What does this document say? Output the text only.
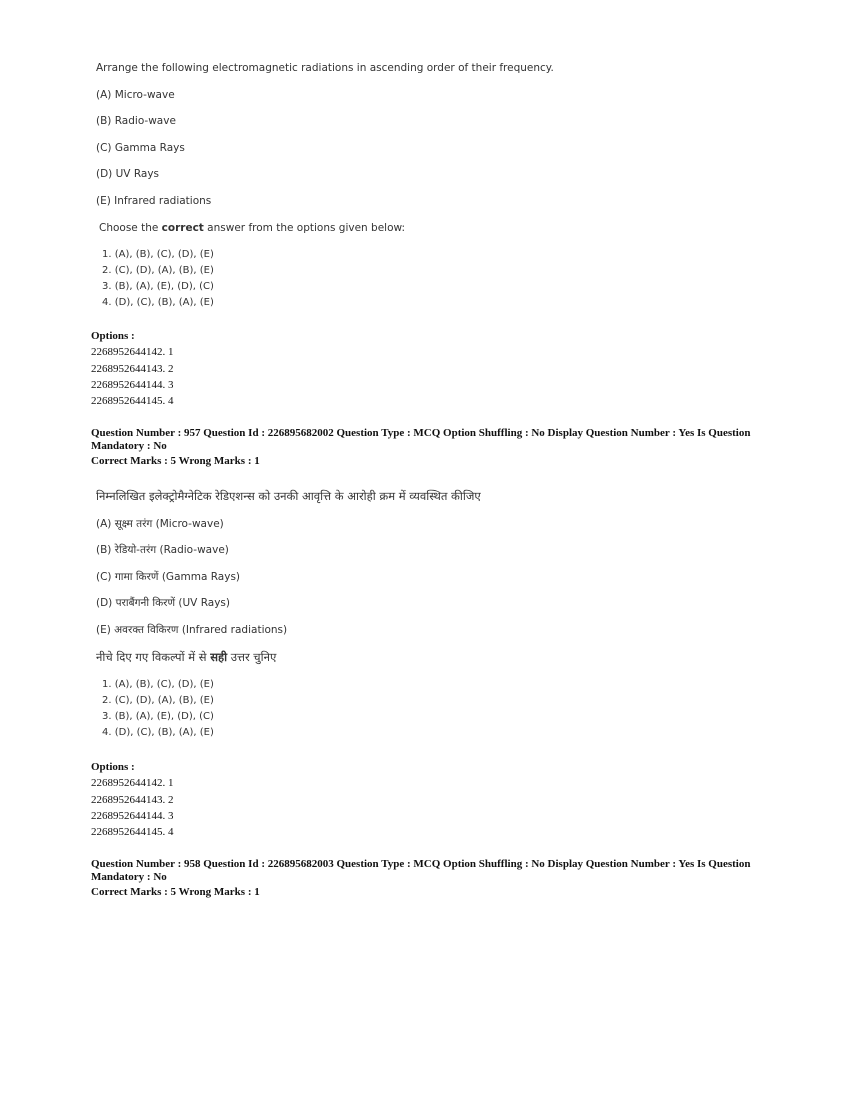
Arrange the following electromagnetic radiations in ascending order of their frequency.
(A) Micro-wave
(B) Radio-wave
(C) Gamma Rays
(D) UV Rays
(E) Infrared radiations
Choose the correct answer from the options given below:
1. (A), (B), (C), (D), (E)
2. (C), (D), (A), (B), (E)
3. (B), (A), (E), (D), (C)
4. (D), (C), (B), (A), (E)
Options :
2268952644142. 1
2268952644143. 2
2268952644144. 3
2268952644145. 4
Question Number : 957 Question Id : 226895682002 Question Type : MCQ Option Shuffling : No Display Question Number : Yes Is Question
Mandatory : No
Correct Marks : 5 Wrong Marks : 1
निम्नलिखित इलेक्ट्रोमैग्नेटिक रेडिएशन्स को उनकी आवृत्ति के आरोही क्रम में व्यवस्थित कीजिए
(A) सूक्ष्म तरंग (Micro-wave)
(B) रेडियो-तरंग (Radio-wave)
(C) गामा किरणें (Gamma Rays)
(D) पराबैंगनी किरणें (UV Rays)
(E) अवरक्त विकिरण (Infrared radiations)
नीचे दिए गए विकल्पों में से सही उत्तर चुनिए
1. (A), (B), (C), (D), (E)
2. (C), (D), (A), (B), (E)
3. (B), (A), (E), (D), (C)
4. (D), (C), (B), (A), (E)
Options :
2268952644142. 1
2268952644143. 2
2268952644144. 3
2268952644145. 4
Question Number : 958 Question Id : 226895682003 Question Type : MCQ Option Shuffling : No Display Question Number : Yes Is Question
Mandatory : No
Correct Marks : 5 Wrong Marks : 1
